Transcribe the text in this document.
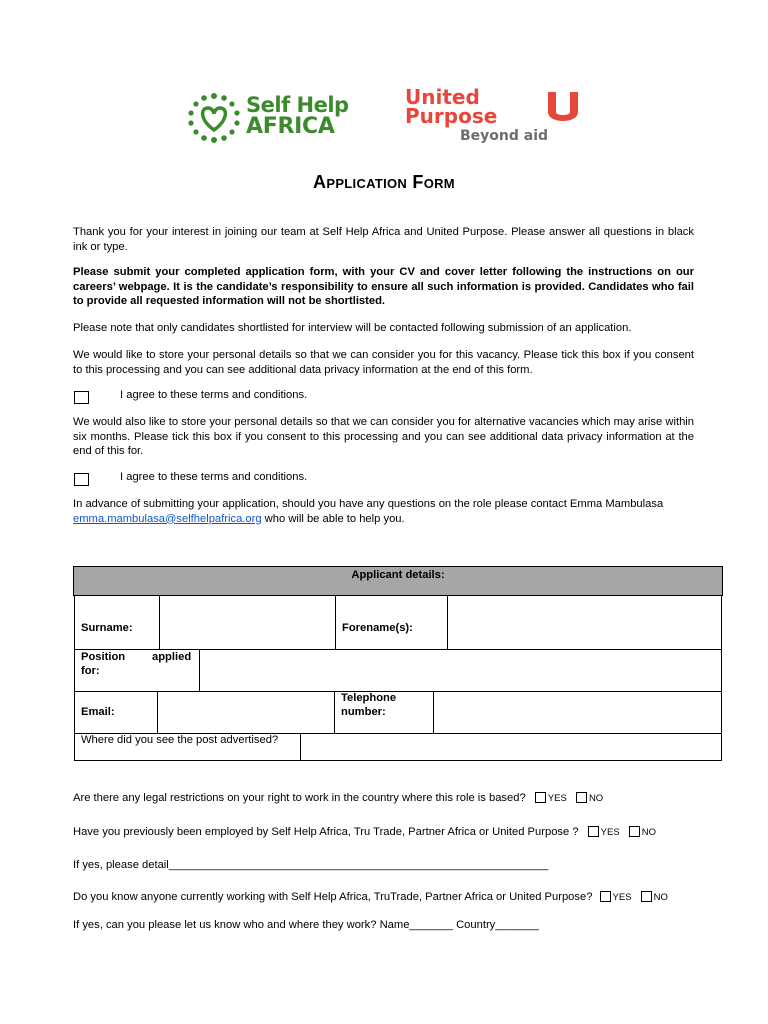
Self Help
AFRICA
United
Purpose
Beyond aid
Application Form

Thank you for your interest in joining our team at Self Help Africa and United Purpose. Please answer all questions in black ink or type.

Please submit your completed application form, with your CV and cover letter following the instructions on our careers’ webpage. It is the candidate’s responsibility to ensure all such information is provided. Candidates who fail to provide all requested information will not be shortlisted.

Please note that only candidates shortlisted for interview will be contacted following submission of an application.

We would like to store your personal details so that we can consider you for this vacancy. Please tick this box if you consent to this processing and you can see additional data privacy information at the end of this form.

I agree to these terms and conditions.

We would also like to store your personal details so that we can consider you for alternative vacancies which may arise within six months. Please tick this box if you consent to this processing and you can see additional data privacy information at the end of this for.

I agree to these terms and conditions.

In advance of submitting your application, should you have any questions on the role please contact Emma Mambulasa
emma.mambulasa@selfhelpafrica.org who will be able to help you.

Applicant details:
Surname:	Forename(s):
Position applied
for:
Email:
Telephone
number:
Where did you see the post advertised?
Are there any legal restrictions on your right to work in the country where this role is based? YES NO
Have you previously been employed by Self Help Africa, Tru Trade, Partner Africa or United Purpose ? YES NO
If yes, please detail_____________________________________________________________
Do you know anyone currently working with Self Help Africa, TruTrade, Partner Africa or United Purpose? YES NO
If yes, can you please let us know who and where they work? Name_______ Country_______
